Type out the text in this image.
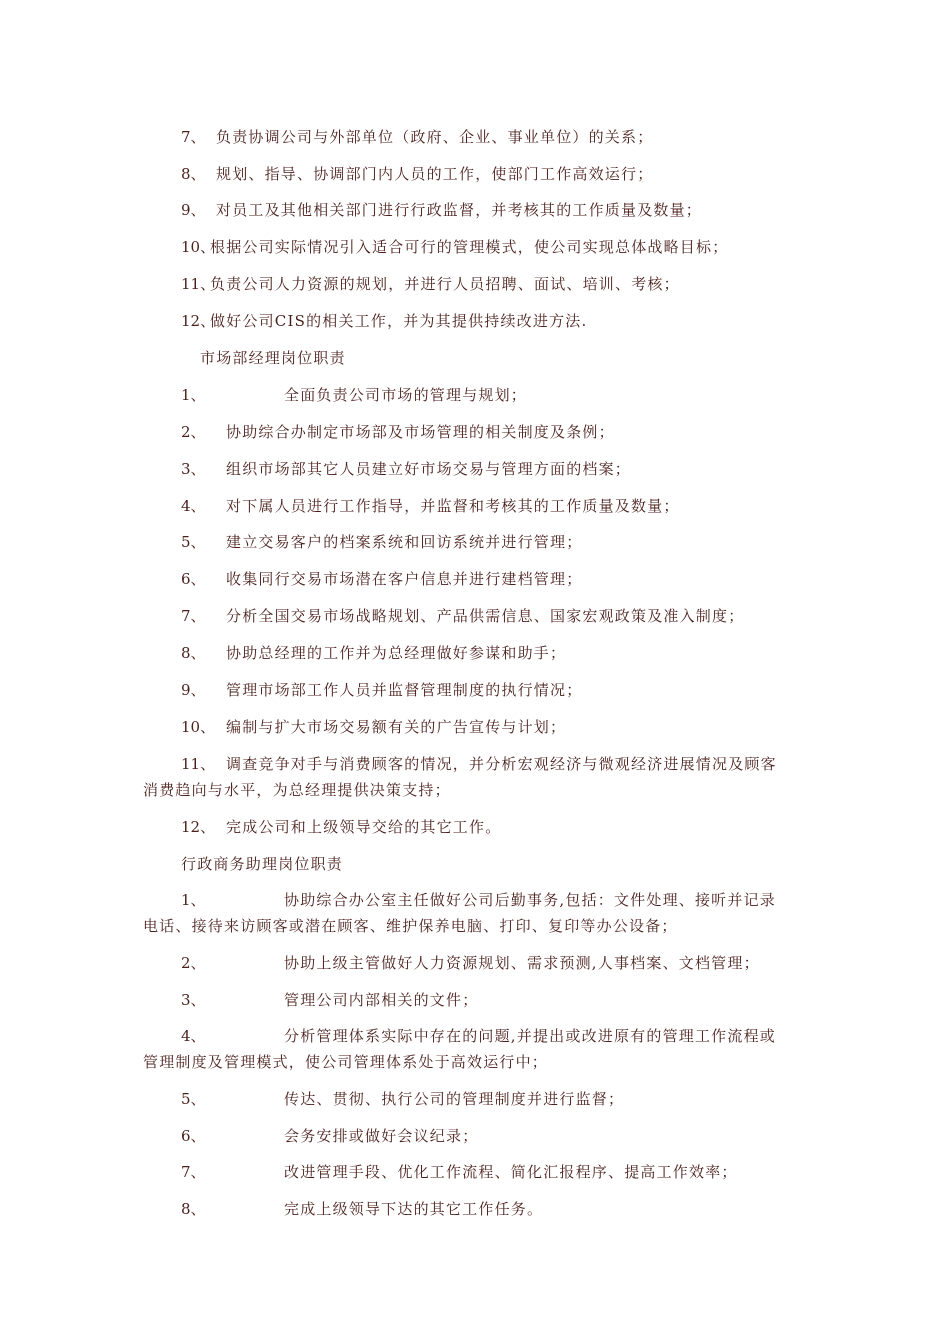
7、 负责协调公司与外部单位（政府、企业、事业单位）的关系；
8、 规划、指导、协调部门内人员的工作，使部门工作高效运行；
9、 对员工及其他相关部门进行行政监督，并考核其的工作质量及数量；
10、
根据公司实际情况引入适合可行的管理模式，使公司实现总体战略目标；
11、
负责公司人力资源的规划，并进行人员招聘、面试、培训、考核；
12、
做好公司CIS的相关工作，并为其提供持续改进方法.
市场部经理岗位职责
1、	全面负责公司市场的管理与规划；
2、 协助综合办制定市场部及市场管理的相关制度及条例；
3、 组织市场部其它人员建立好市场交易与管理方面的档案；
4、 对下属人员进行工作指导，并监督和考核其的工作质量及数量；
5、 建立交易客户的档案系统和回访系统并进行管理；
6、 收集同行交易市场潜在客户信息并进行建档管理；
7、 分析全国交易市场战略规划、产品供需信息、国家宏观政策及准入制度；
8、 协助总经理的工作并为总经理做好参谋和助手；
9、 管理市场部工作人员并监督管理制度的执行情况；
10、 编制与扩大市场交易额有关的广告宣传与计划；
11、 调查竞争对手与消费顾客的情况，并分析宏观经济与微观经济进展情况及顾客
消费趋向与水平，为总经理提供决策支持；
12、 完成公司和上级领导交给的其它工作。
行政商务助理岗位职责
1、	协助综合办公室主任做好公司后勤事务,包括：文件处理、接听并记录
电话、接待来访顾客或潜在顾客、维护保养电脑、打印、复印等办公设备；
2、	协助上级主管做好人力资源规划、需求预测,人事档案、文档管理；
3、	管理公司内部相关的文件；
4、	分析管理体系实际中存在的问题,并提出或改进原有的管理工作流程或
管理制度及管理模式，使公司管理体系处于高效运行中；
5、	传达、贯彻、执行公司的管理制度并进行监督；
6、	会务安排或做好会议纪录；
7、	改进管理手段、优化工作流程、简化汇报程序、提高工作效率；
8、	完成上级领导下达的其它工作任务。
